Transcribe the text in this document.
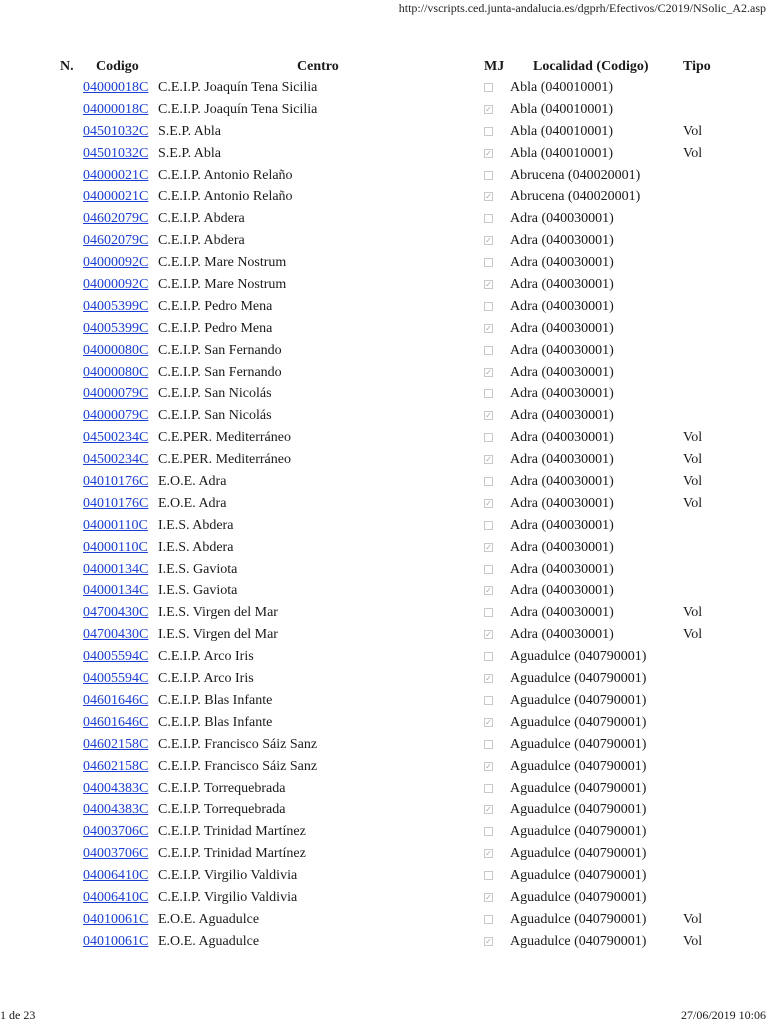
http://vscripts.ced.junta-andalucia.es/dgprh/Efectivos/C2019/NSolic_A2.asp
N. Codigo	Centro	MJ Localidad (Codigo) Tipo
04000018C C.E.I.P. Joaquín Tena Sicilia	Abla (040010001)
04000018C C.E.I.P. Joaquín Tena Sicilia	✓ Abla (040010001)
04501032C S.E.P. Abla	Abla (040010001)	Vol
04501032C S.E.P. Abla	✓ Abla (040010001)	Vol
04000021C C.E.I.P. Antonio Relaño	Abrucena (040020001)
04000021C C.E.I.P. Antonio Relaño	✓ Abrucena (040020001)
04602079C C.E.I.P. Abdera	Adra (040030001)
04602079C C.E.I.P. Abdera	✓ Adra (040030001)
04000092C C.E.I.P. Mare Nostrum	Adra (040030001)
04000092C C.E.I.P. Mare Nostrum	✓ Adra (040030001)
04005399C C.E.I.P. Pedro Mena	Adra (040030001)
04005399C C.E.I.P. Pedro Mena	✓ Adra (040030001)
04000080C C.E.I.P. San Fernando	Adra (040030001)
04000080C C.E.I.P. San Fernando	✓ Adra (040030001)
04000079C C.E.I.P. San Nicolás	Adra (040030001)
04000079C C.E.I.P. San Nicolás	✓ Adra (040030001)
04500234C C.E.PER. Mediterráneo	Adra (040030001)	Vol
04500234C C.E.PER. Mediterráneo	✓ Adra (040030001)	Vol
04010176C E.O.E. Adra	Adra (040030001)	Vol
04010176C E.O.E. Adra	✓ Adra (040030001)	Vol
04000110C I.E.S. Abdera	Adra (040030001)
04000110C I.E.S. Abdera	✓ Adra (040030001)
04000134C I.E.S. Gaviota	Adra (040030001)
04000134C I.E.S. Gaviota	✓ Adra (040030001)
04700430C I.E.S. Virgen del Mar	Adra (040030001)	Vol
04700430C I.E.S. Virgen del Mar	✓ Adra (040030001)	Vol
04005594C C.E.I.P. Arco Iris	Aguadulce (040790001)
04005594C C.E.I.P. Arco Iris	✓ Aguadulce (040790001)
04601646C C.E.I.P. Blas Infante	Aguadulce (040790001)
04601646C C.E.I.P. Blas Infante	✓ Aguadulce (040790001)
04602158C C.E.I.P. Francisco Sáiz Sanz	Aguadulce (040790001)
04602158C C.E.I.P. Francisco Sáiz Sanz	✓ Aguadulce (040790001)
04004383C C.E.I.P. Torrequebrada	Aguadulce (040790001)
04004383C C.E.I.P. Torrequebrada	✓ Aguadulce (040790001)
04003706C C.E.I.P. Trinidad Martínez	Aguadulce (040790001)
04003706C C.E.I.P. Trinidad Martínez	✓ Aguadulce (040790001)
04006410C C.E.I.P. Virgilio Valdivia	Aguadulce (040790001)
04006410C C.E.I.P. Virgilio Valdivia	✓ Aguadulce (040790001)
04010061C E.O.E. Aguadulce	Aguadulce (040790001)	Vol
04010061C E.O.E. Aguadulce	✓ Aguadulce (040790001)	Vol
1 de 23	27/06/2019 10:06
